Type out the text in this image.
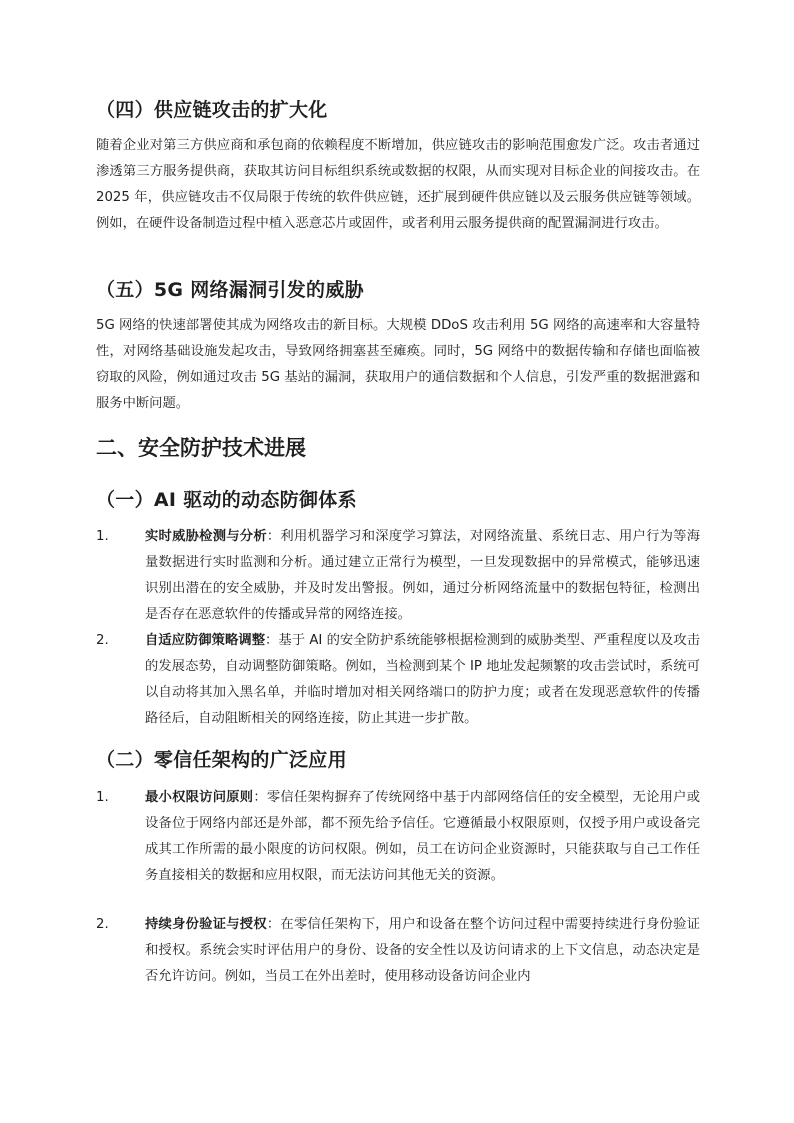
（四）供应链攻击的扩大化

随着企业对第三方供应商和承包商的依赖程度不断增加，供应链攻击的影响范围愈发广泛。攻击者通过渗透第三方服务提供商，获取其访问目标组织系统或数据的权限，从而实现对目标企业的间接攻击。在 2025 年，供应链攻击不仅局限于传统的软件供应链，还扩展到硬件供应链以及云服务供应链等领域。例如，在硬件设备制造过程中植入恶意芯片或固件，或者利用云服务提供商的配置漏洞进行攻击。

（五）5G 网络漏洞引发的威胁

5G 网络的快速部署使其成为网络攻击的新目标。大规模 DDoS 攻击利用 5G 网络的高速率和大容量特性，对网络基础设施发起攻击，导致网络拥塞甚至瘫痪。同时，5G 网络中的数据传输和存储也面临被窃取的风险，例如通过攻击 5G 基站的漏洞，获取用户的通信数据和个人信息，引发严重的数据泄露和服务中断问题。

二、安全防护技术进展
（一）AI 驱动的动态防御体系
1.	实时威胁检测与分析：利用机器学习和深度学习算法，对网络流量、系统日志、用户行为等海量数据进行实时监测和分析。通过建立正常行为模型，一旦发现数据中的异常模式，能够迅速识别出潜在的安全威胁，并及时发出警报。例如，通过分析网络流量中的数据包特征，检测出是否存在恶意软件的传播或异常的网络连接。
2.	自适应防御策略调整：基于 AI 的安全防护系统能够根据检测到的威胁类型、严重程度以及攻击的发展态势，自动调整防御策略。例如，当检测到某个 IP 地址发起频繁的攻击尝试时，系统可以自动将其加入黑名单，并临时增加对相关网络端口的防护力度；或者在发现恶意软件的传播路径后，自动阻断相关的网络连接，防止其进一步扩散。
（二）零信任架构的广泛应用
1.	最小权限访问原则：零信任架构摒弃了传统网络中基于内部网络信任的安全模型，无论用户或设备位于网络内部还是外部，都不预先给予信任。它遵循最小权限原则，仅授予用户或设备完成其工作所需的最小限度的访问权限。例如，员工在访问企业资源时，只能获取与自己工作任务直接相关的数据和应用权限，而无法访问其他无关的资源。
2.	持续身份验证与授权：在零信任架构下，用户和设备在整个访问过程中需要持续进行身份验证和授权。系统会实时评估用户的身份、设备的安全性以及访问请求的上下文信息，动态决定是否允许访问。例如，当员工在外出差时，使用移动设备访问企业内
